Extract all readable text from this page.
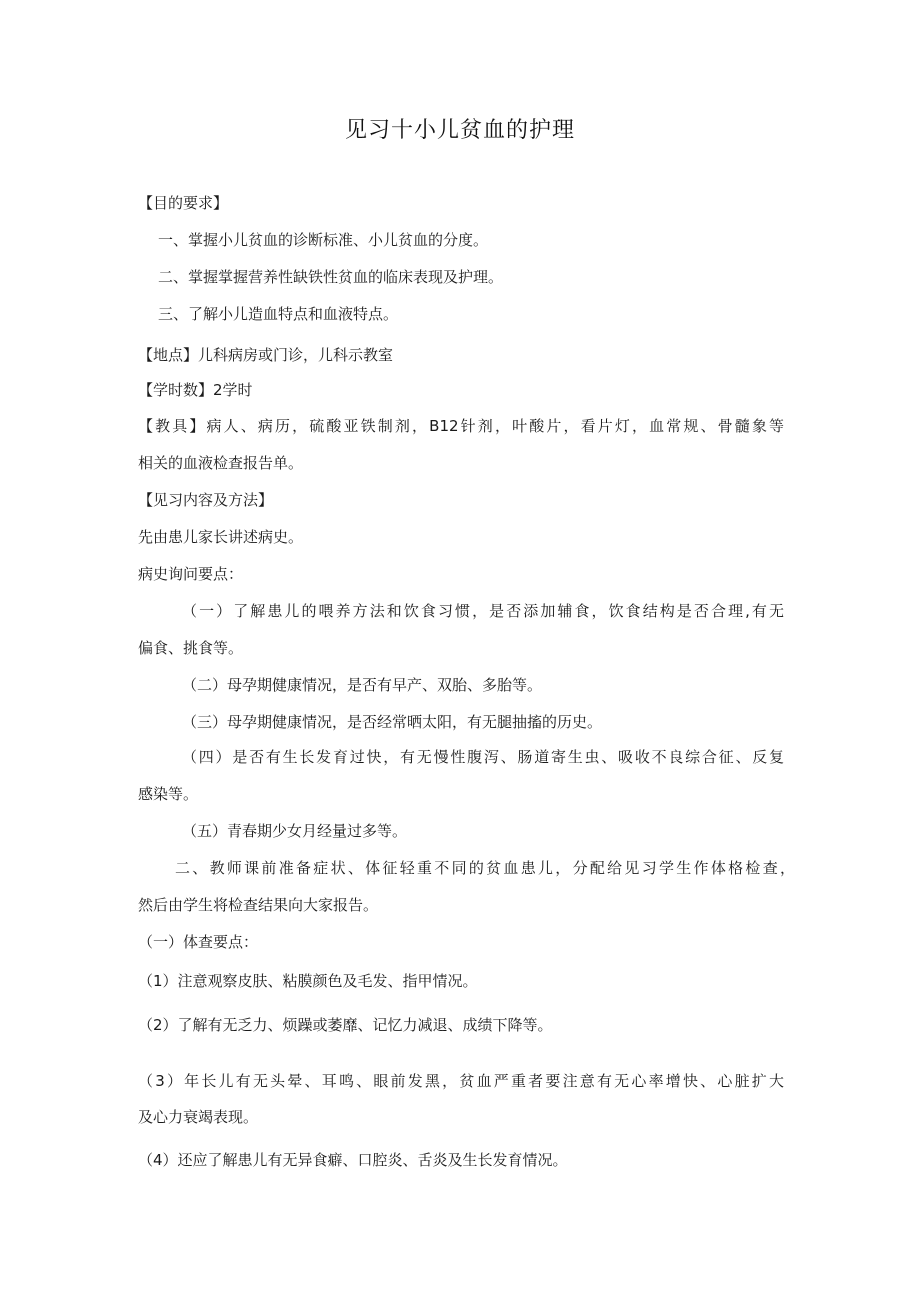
见习十小儿贫血的护理
【目的要求】
一、掌握小儿贫血的诊断标准、小儿贫血的分度。
二、掌握掌握营养性缺铁性贫血的临床表现及护理。
三、了解小儿造血特点和血液特点。
【地点】儿科病房或门诊，儿科示教室
【学时数】2学时
【教具】病人、病历，硫酸亚铁制剂，B12针剂，叶酸片，看片灯，血常规、骨髓象等
相关的血液检查报告单。
【见习内容及方法】
先由患儿家长讲述病史。
病史询问要点：
（一）了解患儿的喂养方法和饮食习惯，是否添加辅食，饮食结构是否合理,有无
偏食、挑食等。
（二）母孕期健康情况，是否有早产、双胎、多胎等。
（三）母孕期健康情况，是否经常晒太阳，有无腿抽搐的历史。
（四）是否有生长发育过快，有无慢性腹泻、肠道寄生虫、吸收不良综合征、反复
感染等。
（五）青春期少女月经量过多等。
二、教师课前准备症状、体征轻重不同的贫血患儿，分配给见习学生作体格检查，
然后由学生将检查结果向大家报告。
（一）体查要点：
（1）注意观察皮肤、粘膜颜色及毛发、指甲情况。
（2）了解有无乏力、烦躁或萎靡、记忆力减退、成绩下降等。
（3）年长儿有无头晕、耳鸣、眼前发黑，贫血严重者要注意有无心率增快、心脏扩大
及心力衰竭表现。
（4）还应了解患儿有无异食癖、口腔炎、舌炎及生长发育情况。
